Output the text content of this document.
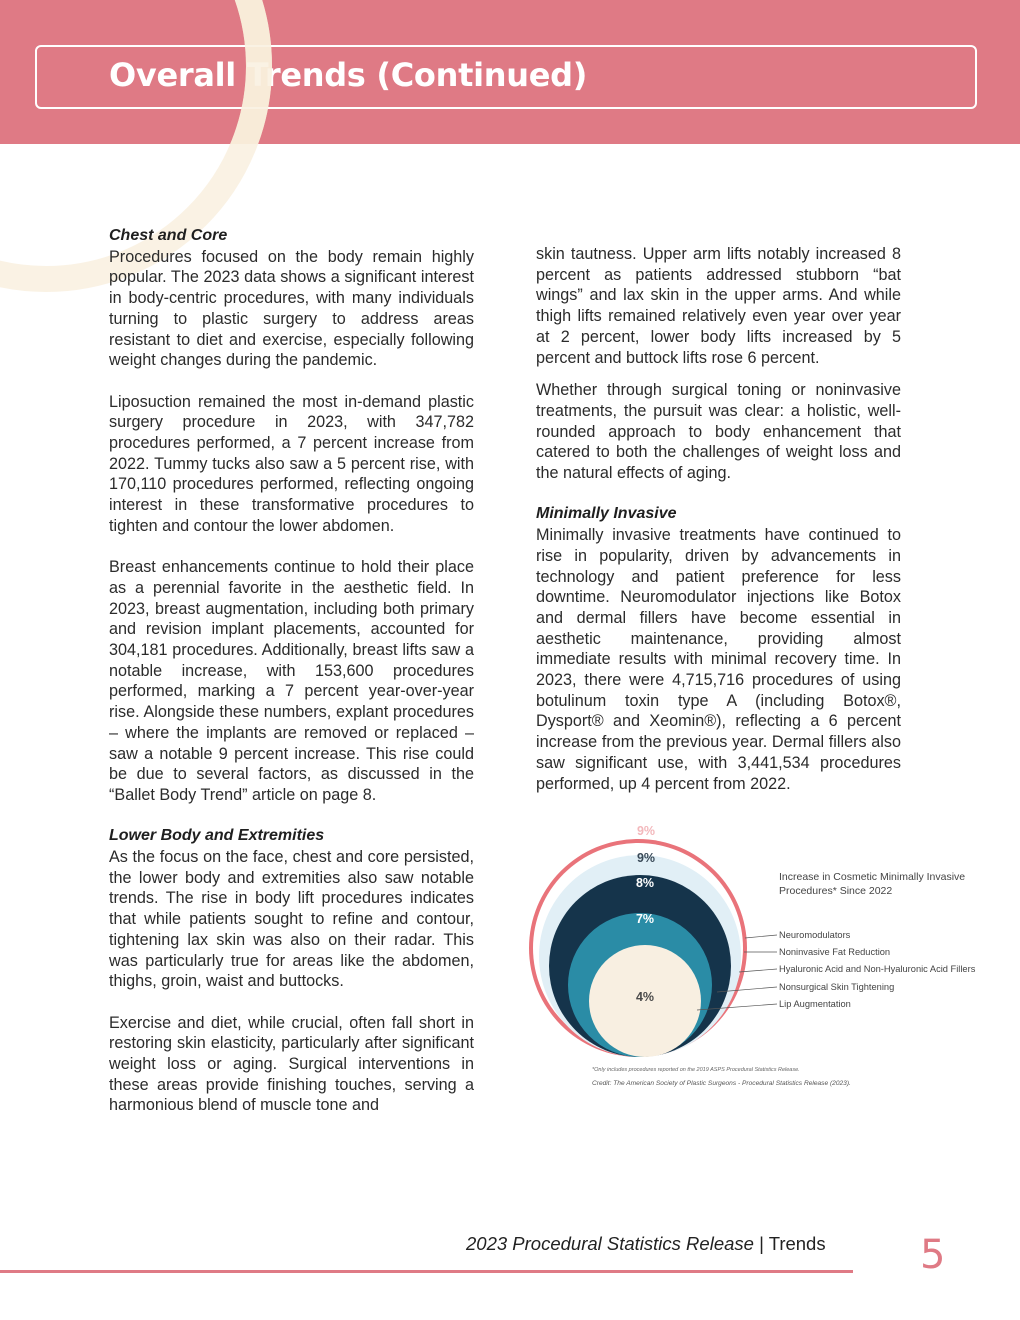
Overall Trends (Continued)
Chest and Core

Procedures focused on the body remain highly popular. The 2023 data shows a significant interest in body-centric procedures, with many individuals turning to plastic surgery to address areas resistant to diet and exercise, especially following weight changes during the pandemic.

Liposuction remained the most in-demand plastic surgery procedure in 2023, with 347,782 procedures performed, a 7 percent increase from 2022. Tummy tucks also saw a 5 percent rise, with 170,110 procedures performed, reflecting ongoing interest in these transformative procedures to tighten and contour the lower abdomen.

Breast enhancements continue to hold their place as a perennial favorite in the aesthetic field. In 2023, breast augmentation, including both primary and revision implant placements, accounted for 304,181 procedures. Additionally, breast lifts saw a notable increase, with 153,600 procedures performed, marking a 7 percent year-over-year rise. Alongside these numbers, explant procedures – where the implants are removed or replaced – saw a notable 9 percent increase. This rise could be due to several factors, as discussed in the “Ballet Body Trend” article on page 8.

Lower Body and Extremities

As the focus on the face, chest and core persisted, the lower body and extremities also saw notable trends. The rise in body lift procedures indicates that while patients sought to refine and contour, tightening lax skin was also on their radar. This was particularly true for areas like the abdomen, thighs, groin, waist and buttocks.

Exercise and diet, while crucial, often fall short in restoring skin elasticity, particularly after significant weight loss or aging. Surgical interventions in these areas provide finishing touches, serving a harmonious blend of muscle tone and

skin tautness. Upper arm lifts notably increased 8 percent as patients addressed stubborn “bat wings” and lax skin in the upper arms. And while thigh lifts remained relatively even year over year at 2 percent, lower body lifts increased by 5 percent and buttock lifts rose 6 percent.

Whether through surgical toning or noninvasive treatments, the pursuit was clear: a holistic, well-rounded approach to body enhancement that catered to both the challenges of weight loss and the natural effects of aging.

Minimally Invasive

Minimally invasive treatments have continued to rise in popularity, driven by advancements in technology and patient preference for less downtime. Neuromodulator injections like Botox and dermal fillers have become essential in aesthetic maintenance, providing almost immediate results with minimal recovery time. In 2023, there were 4,715,716 procedures of using botulinum toxin type A (including Botox®, Dysport® and Xeomin®), reflecting a 6 percent increase from the previous year. Dermal fillers also saw significant use, with 3,441,534 procedures performed, up 4 percent from 2022.

9%
9%
8%
7%
4%
Increase in Cosmetic Minimally Invasive Procedures* Since 2022
Neuromodulators
Noninvasive Fat Reduction
Hyaluronic Acid and Non-Hyaluronic Acid Fillers
Nonsurgical Skin Tightening
Lip Augmentation
*Only includes procedures reported on the 2019 ASPS Procedural Statistics Release.
Credit: The American Society of Plastic Surgeons - Procedural Statistics Release (2023).
2023 Procedural Statistics Release | Trends 5
